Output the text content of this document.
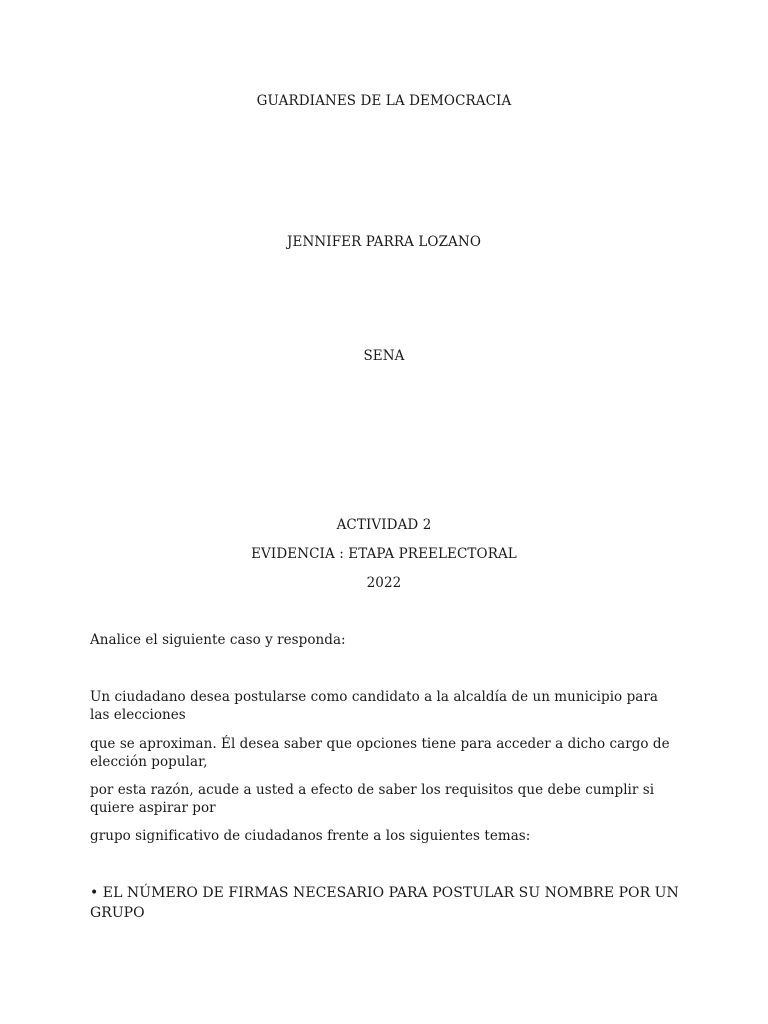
GUARDIANES DE LA DEMOCRACIA
JENNIFER PARRA LOZANO
SENA
ACTIVIDAD 2
EVIDENCIA : ETAPA PREELECTORAL
2022
Analice el siguiente caso y responda:
Un ciudadano desea postularse como candidato a la alcaldía de un municipio para las elecciones
que se aproximan. Él desea saber que opciones tiene para acceder a dicho cargo de elección popular,
por esta razón, acude a usted a efecto de saber los requisitos que debe cumplir si quiere aspirar por
grupo significativo de ciudadanos frente a los siguientes temas:
• EL NÚMERO DE FIRMAS NECESARIO PARA POSTULAR SU NOMBRE POR UN GRUPO
